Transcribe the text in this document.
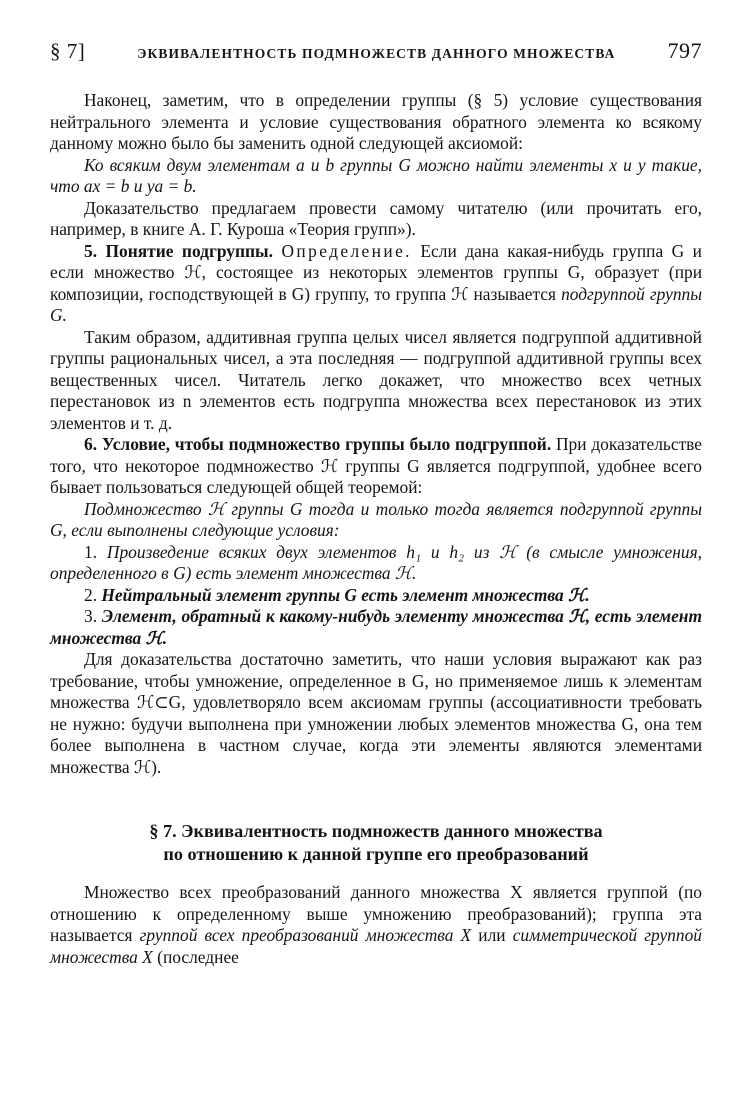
§ 7]	ЭКВИВАЛЕНТНОСТЬ ПОДМНОЖЕСТВ ДАННОГО МНОЖЕСТВА 797

Наконец, заметим, что в определении группы (§ 5) условие существования нейтрального элемента и условие существования обратного элемента ко всякому данному можно было бы заменить одной следующей аксиомой:

Ко всяким двум элементам a и b группы G можно найти элементы x и y такие, что ax = b и ya = b.

Доказательство предлагаем провести самому читателю (или прочитать его, например, в книге А. Г. Куроша «Теория групп»).

5. Понятие подгруппы. Определение. Если дана какая-нибудь группа G и если множество ℋ, состоящее из некоторых элементов группы G, образует (при композиции, господствующей в G) группу, то группа ℋ называется подгруппой группы G.

Таким образом, аддитивная группа целых чисел является подгруппой аддитивной группы рациональных чисел, а эта последняя — подгруппой аддитивной группы всех вещественных чисел. Читатель легко докажет, что множество всех четных перестановок из n элементов есть подгруппа множества всех перестановок из этих элементов и т. д.

6. Условие, чтобы подмножество группы было подгруппой. При доказательстве того, что некоторое подмножество ℋ группы G является подгруппой, удобнее всего бывает пользоваться следующей общей теоремой:

Подмножество ℋ группы G тогда и только тогда является подгруппой группы G, если выполнены следующие условия:

1. Произведение всяких двух элементов h₁ и h₂ из ℋ (в смысле умножения, определенного в G) есть элемент множества ℋ.

2. Нейтральный элемент группы G есть элемент множества ℋ.

3. Элемент, обратный к какому-нибудь элементу множества ℋ, есть элемент множества ℋ.

Для доказательства достаточно заметить, что наши условия выражают как раз требование, чтобы умножение, определенное в G, но применяемое лишь к элементам множества ℋ⊂G, удовлетворяло всем аксиомам группы (ассоциативности требовать не нужно: будучи выполнена при умножении любых элементов множества G, она тем более выполнена в частном случае, когда эти элементы являются элементами множества ℋ).

§ 7. Эквивалентность подмножеств данного множества
по отношению к данной группе его преобразований

Множество всех преобразований данного множества X является группой (по отношению к определенному выше умножению преобразований); группа эта называется группой всех преобразований множества X или симметрической группой множества X (последнее
